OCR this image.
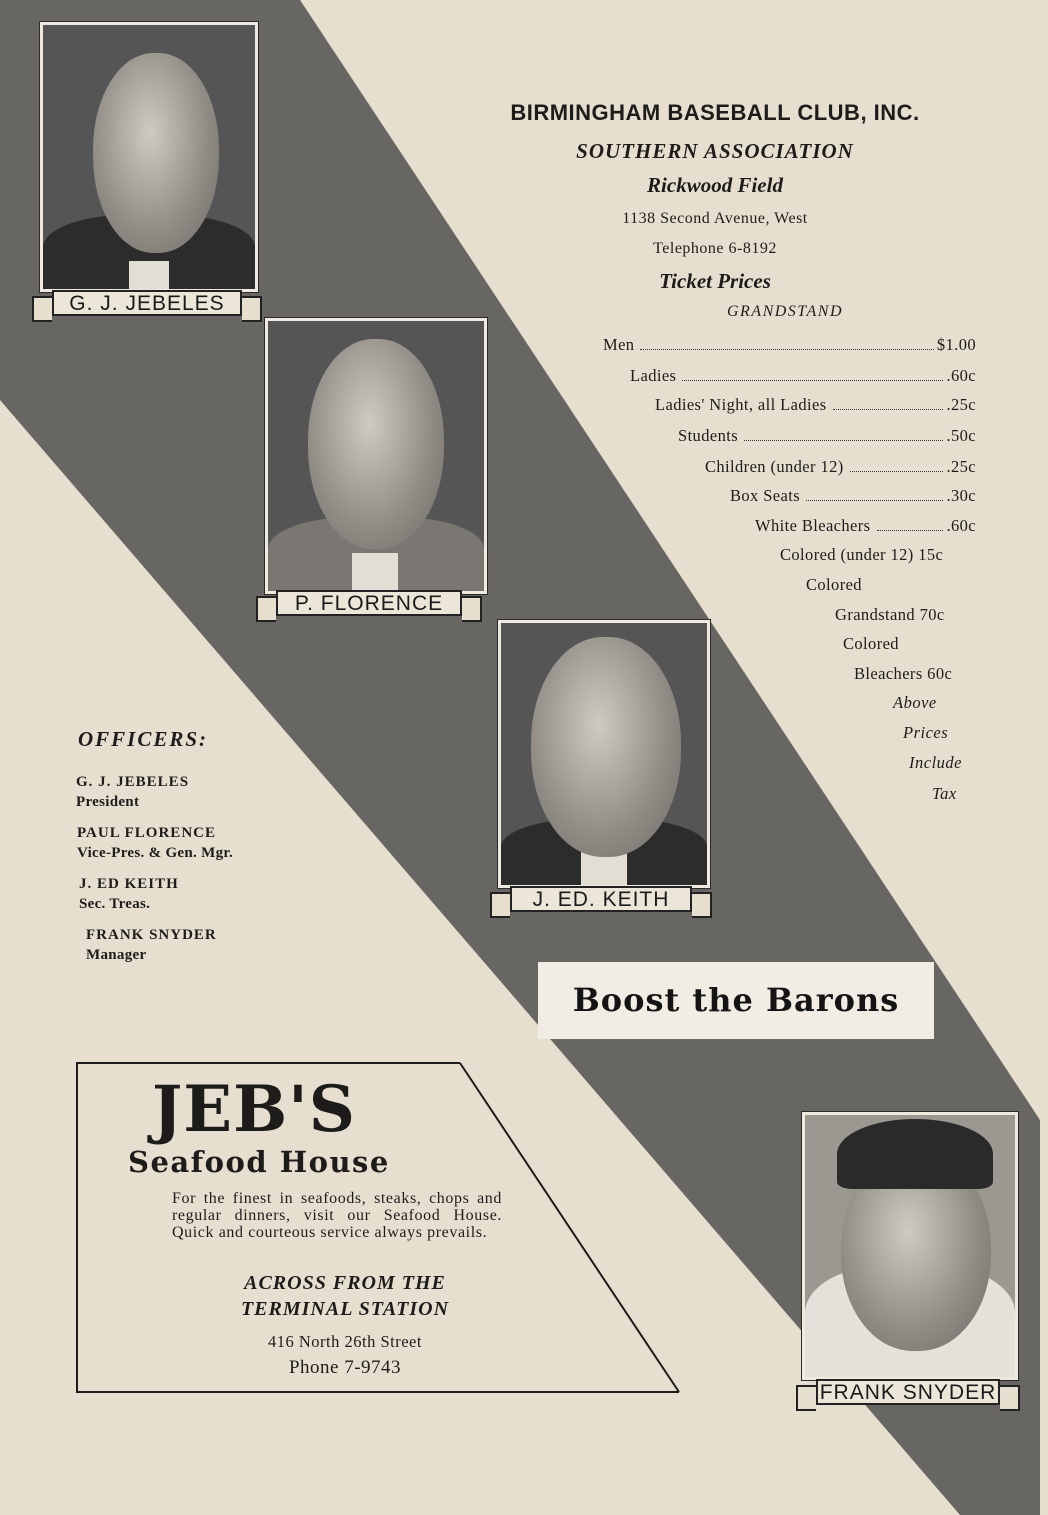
G. J. JEBELES
P. FLORENCE
J. ED. KEITH
FRANK SNYDER
BIRMINGHAM BASEBALL CLUB, INC.
SOUTHERN ASSOCIATION
Rickwood Field
1138 Second Avenue, West
Telephone 6-8192
Ticket Prices
GRANDSTAND
Men	$1.00
Ladies	.60c
Ladies' Night, all Ladies	.25c
Students	.50c
Children (under 12)	.25c
Box Seats	.30c
White Bleachers	.60c
Colored (under 12) 15c
Colored
Grandstand 70c
Colored
Bleachers 60c
Above
Prices
Include
Tax
OFFICERS:
G. J. JEBELES
President
PAUL FLORENCE
Vice-Pres. & Gen. Mgr.
J. ED KEITH
Sec. Treas.
FRANK SNYDER
Manager
Boost the Barons
JEB'S
Seafood House
For the finest in seafoods, steaks, chops and regular dinners, visit our Seafood House. Quick and courteous service always prevails.
ACROSS FROM THE
TERMINAL STATION
416 North 26th Street
Phone 7-9743
